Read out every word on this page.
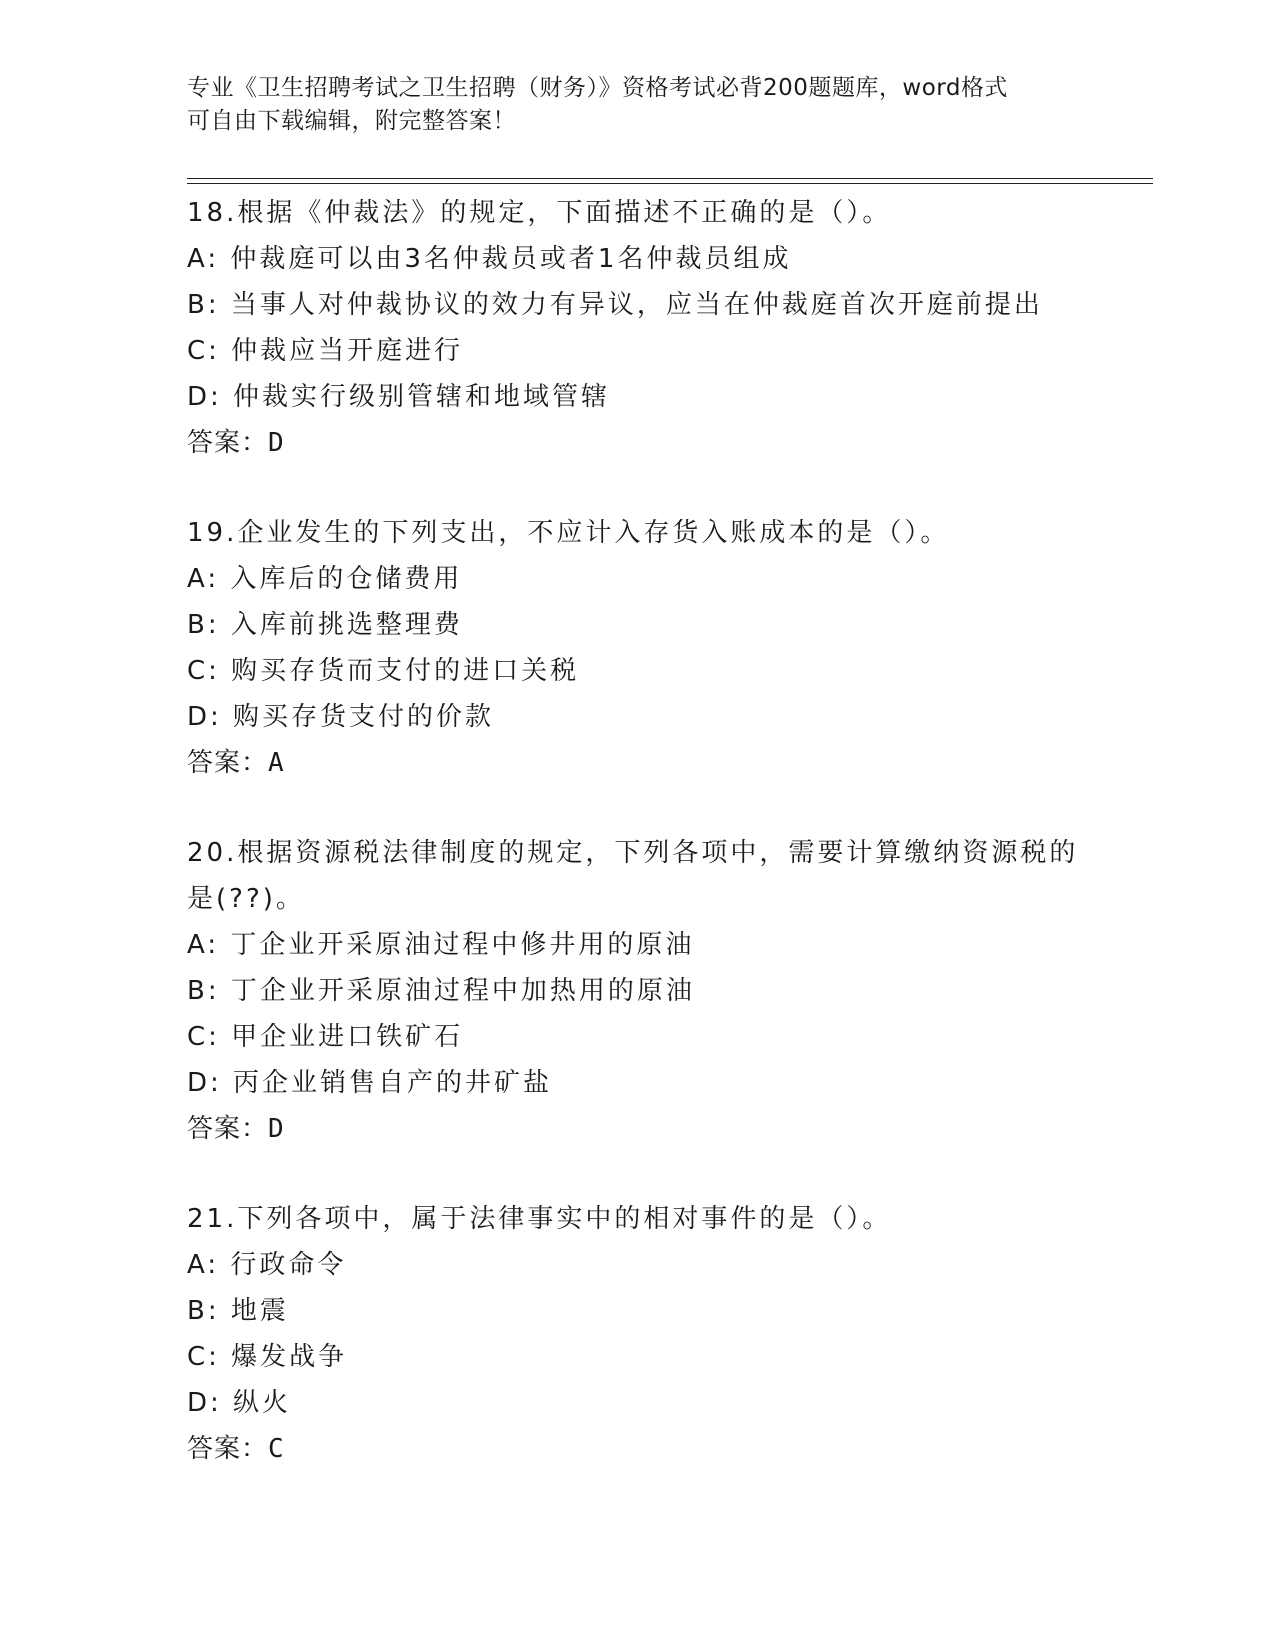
专业《卫生招聘考试之卫生招聘（财务）》资格考试必背200题题库，word格式
可自由下载编辑，附完整答案！
18.根据《仲裁法》的规定，下面描述不正确的是（）。
A: 仲裁庭可以由3名仲裁员或者1名仲裁员组成
B: 当事人对仲裁协议的效力有异议，应当在仲裁庭首次开庭前提出
C: 仲裁应当开庭进行
D: 仲裁实行级别管辖和地域管辖
答案：D
19.企业发生的下列支出，不应计入存货入账成本的是（）。
A: 入库后的仓储费用
B: 入库前挑选整理费
C: 购买存货而支付的进口关税
D: 购买存货支付的价款
答案：A
20.根据资源税法律制度的规定，下列各项中，需要计算缴纳资源税的
是(??)。
A: 丁企业开采原油过程中修井用的原油
B: 丁企业开采原油过程中加热用的原油
C: 甲企业进口铁矿石
D: 丙企业销售自产的井矿盐
答案：D
21.下列各项中，属于法律事实中的相对事件的是（）。
A: 行政命令
B: 地震
C: 爆发战争
D: 纵火
答案：C
